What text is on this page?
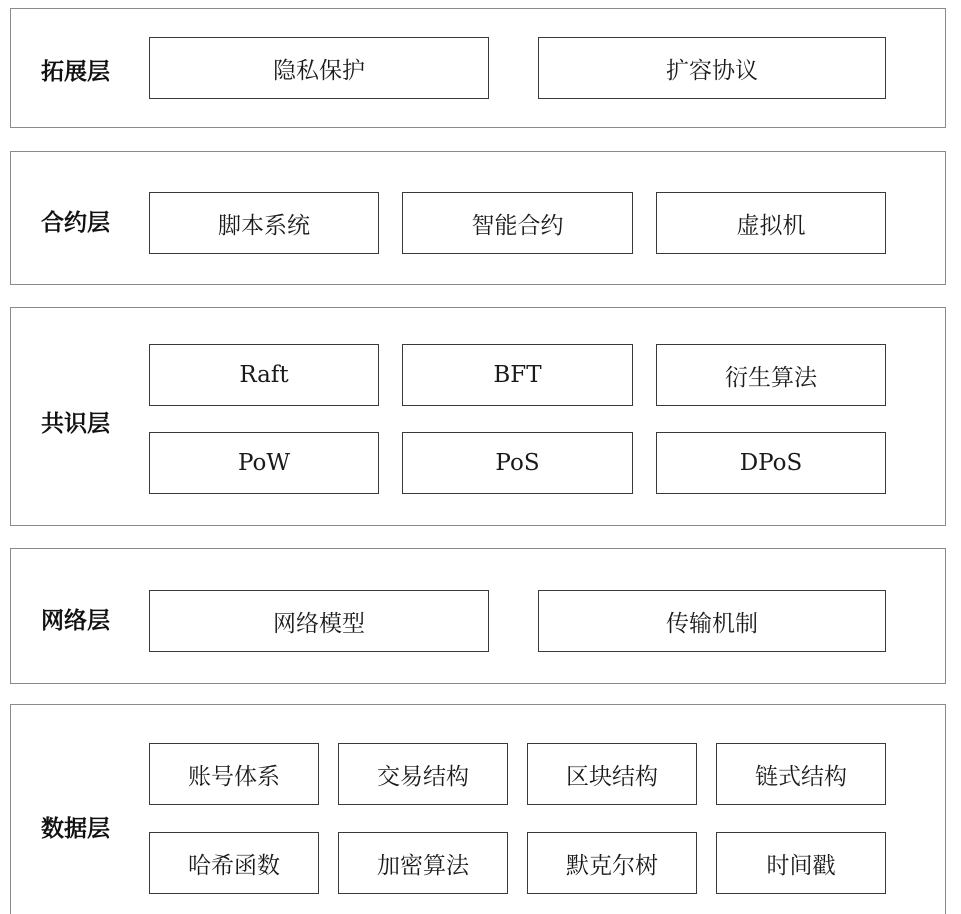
拓展层	隐私保护	扩容协议
合约层	脚本系统	智能合约	虚拟机
共识层
Raft	BFT	衍生算法
PoW	PoS	DPoS
网络层	网络模型	传输机制
数据层
账号体系	交易结构	区块结构	链式结构
哈希函数	加密算法	默克尔树	时间戳
